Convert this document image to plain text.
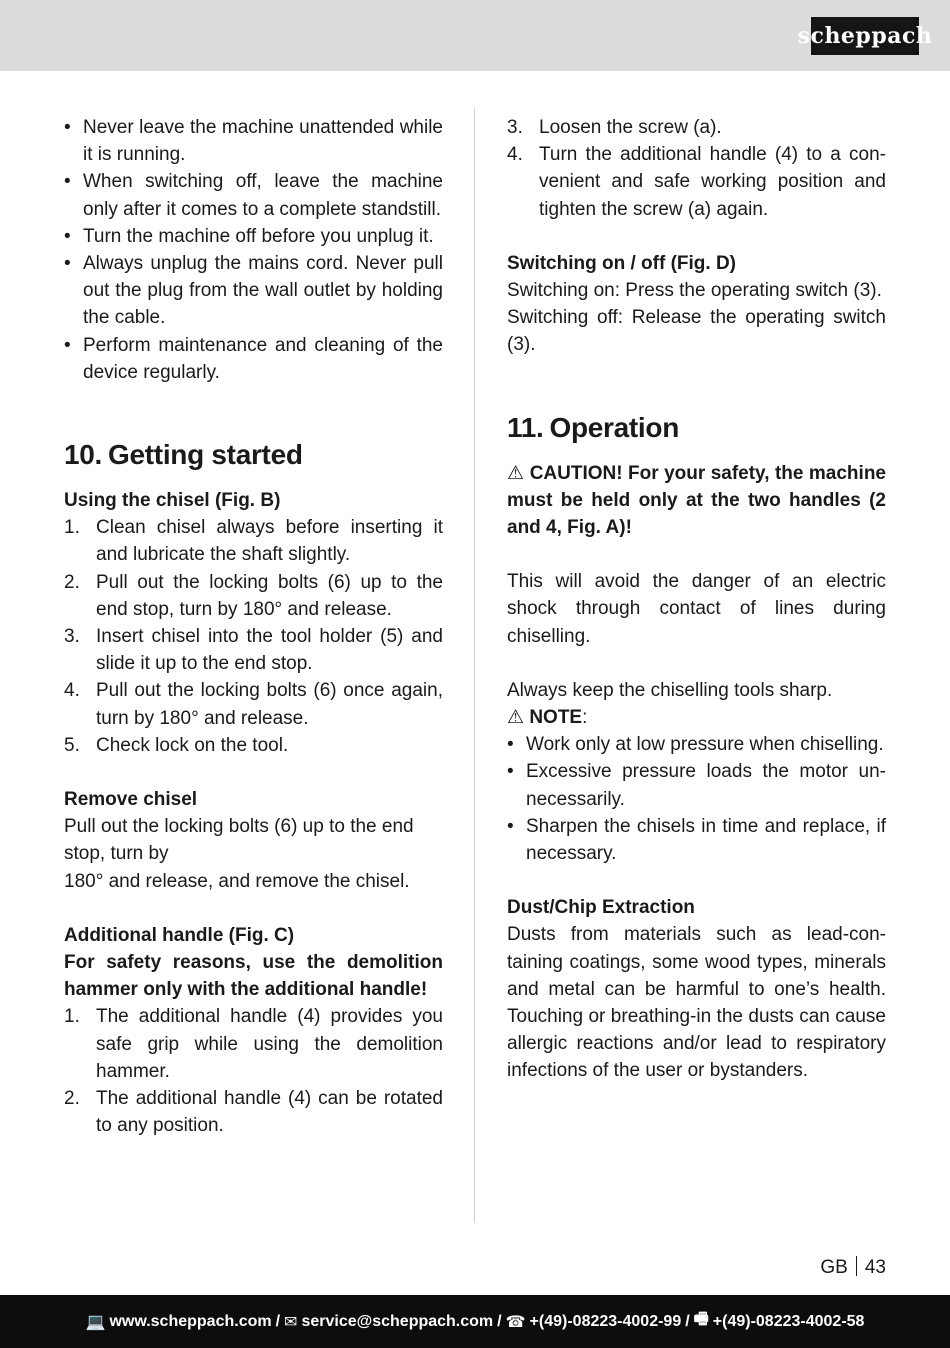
scheppach
• Never leave the machine unattended while it is running.
• When switching off, leave the machine only after it comes to a complete standstill.
• Turn the machine off before you unplug it.
• Always unplug the mains cord. Never pull out the plug from the wall outlet by holding the cable.
• Perform maintenance and cleaning of the device regularly.
10. Getting started

Using the chisel (Fig. B)

1. Clean chisel always before inserting it and lubricate the shaft slightly.
2. Pull out the locking bolts (6) up to the end stop, turn by 180° and release.
3. Insert chisel into the tool holder (5) and slide it up to the end stop.
4. Pull out the locking bolts (6) once again, turn by 180° and release.
5. Check lock on the tool.

Remove chisel

Pull out the locking bolts (6) up to the end stop, turn by

180° and release, and remove the chisel.

Additional handle (Fig. C)

For safety reasons, use the demolition hammer only with the additional handle!

1. The additional handle (4) provides you safe grip while using the demolition hammer.
2. The additional handle (4) can be rotated to any position.
3. Loosen the screw (a).
4. Turn the additional handle (4) to a convenient and safe working position and tighten the screw (a) again.

Switching on / off (Fig. D)

Switching on: Press the operating switch (3).

Switching off: Release the operating switch (3).

11. Operation

⚠ CAUTION! For your safety, the machine must be held only at the two handles (2 and 4, Fig. A)!

This will avoid the danger of an electric shock through contact of lines during chiselling.

Always keep the chiselling tools sharp.

⚠ NOTE:

• Work only at low pressure when chiselling.
• Excessive pressure loads the motor unnecessarily.
• Sharpen the chisels in time and replace, if necessary.

Dust/Chip Extraction

Dusts from materials such as lead-containing coatings, some wood types, minerals and metal can be harmful to one’s health. Touching or breathing-in the dusts can cause allergic reactions and/or lead to respiratory infections of the user or bystanders.

GB 43
💻 www.scheppach.com / ✉ service@scheppach.com / ☎ +(49)-08223-4002-99 / 🖷 +(49)-08223-4002-58
